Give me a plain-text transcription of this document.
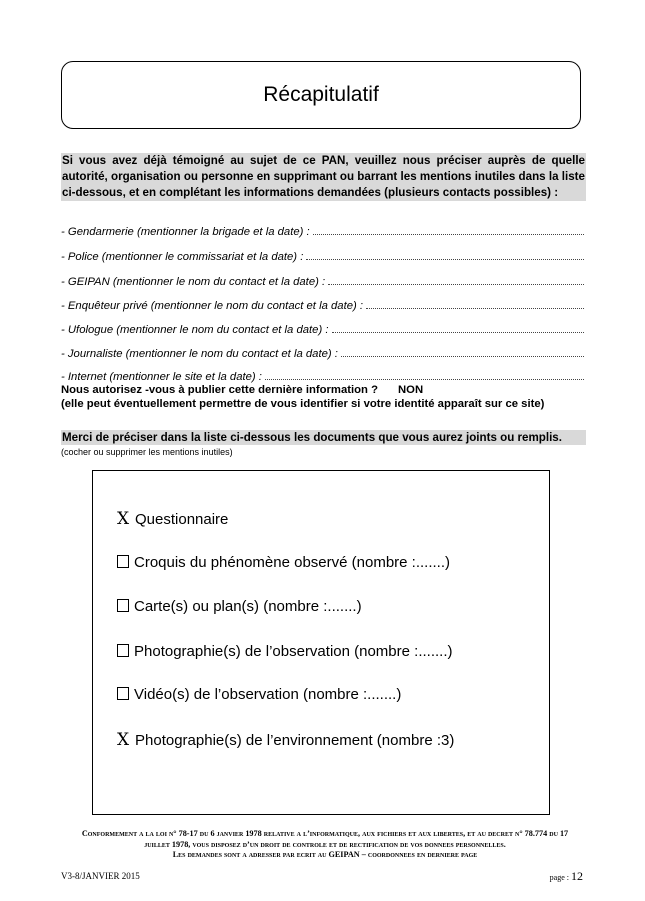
Récapitulatif
Si vous avez déjà témoigné au sujet de ce PAN, veuillez nous préciser auprès de quelle autorité, organisation ou personne en supprimant ou barrant les mentions inutiles dans la liste ci-dessous, et en complétant les informations demandées (plusieurs contacts possibles) :
- Gendarmerie (mentionner la brigade et la date) :
- Police (mentionner le commissariat et la date) :
- GEIPAN (mentionner le nom du contact et la date) :
- Enquêteur privé (mentionner le nom du contact et la date) :
- Ufologue (mentionner le nom du contact et la date) :
- Journaliste (mentionner le nom du contact et la date) :
- Internet (mentionner le site et la date) :
Nous autorisez -vous à publier cette dernière information ? NON
(elle peut éventuellement permettre de vous identifier si votre identité apparaît sur ce site)
Merci de préciser dans la liste ci-dessous les documents que vous aurez joints ou remplis.
(cocher ou supprimer les mentions inutiles)
X Questionnaire
Croquis du phénomène observé (nombre :.......)
Carte(s) ou plan(s) (nombre :.......)
Photographie(s) de l’observation (nombre :.......)
Vidéo(s) de l’observation (nombre :.......)
X Photographie(s) de l’environnement (nombre :3)
Conformement a la loi n° 78-17 du 6 janvier 1978 relative a l’informatique, aux fichiers et aux libertes, et au decret n° 78.774 du 17 juillet 1978, vous disposez d’un droit de controle et de rectification de vos donnees personnelles.
Les demandes sont a adresser par ecrit au GEIPAN – coordonnees en derniere page
V3-8/JANVIER 2015	page : 12
